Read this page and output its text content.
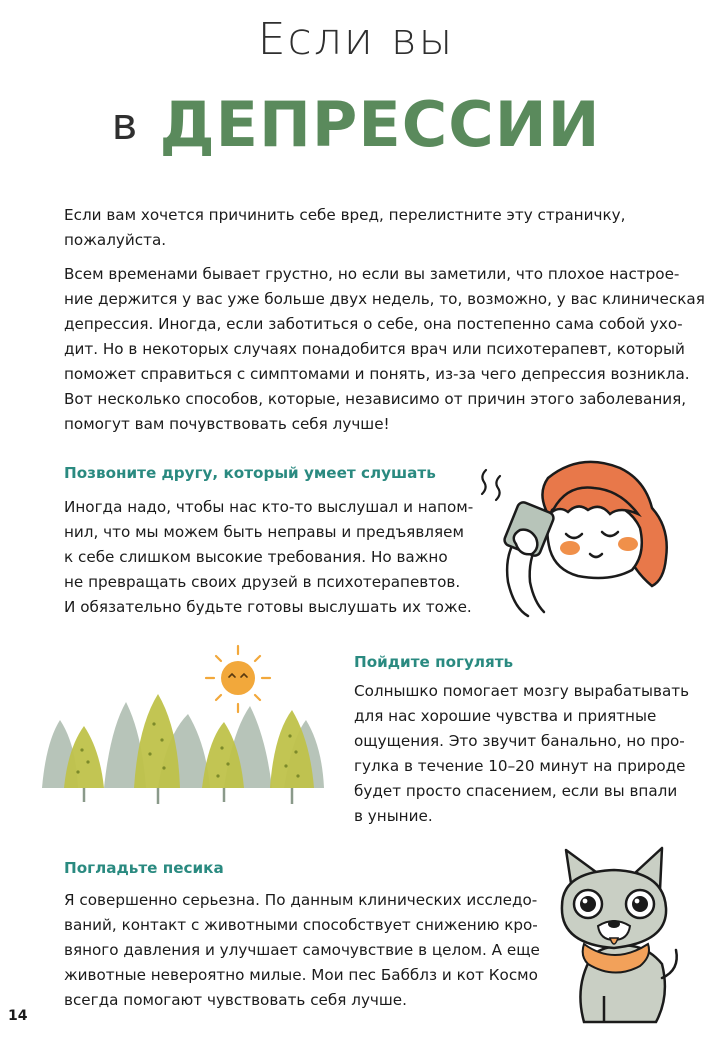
Если вы
в ДЕПРЕССИИ
Если вам хочется причинить себе вред, перелистните эту страничку,
пожалуйста.
Всем временами бывает грустно, но если вы заметили, что плохое настрое-
ние держится у вас уже больше двух недель, то, возможно, у вас клиническая
депрессия. Иногда, если заботиться о себе, она постепенно сама собой ухо-
дит. Но в некоторых случаях понадобится врач или психотерапевт, который
поможет справиться с симптомами и понять, из-за чего депрессия возникла.
Вот несколько способов, которые, независимо от причин этого заболевания,
помогут вам почувствовать себя лучше!
Позвоните другу, который умеет слушать
Иногда надо, чтобы нас кто-то выслушал и напом-
нил, что мы можем быть неправы и предъявляем
к себе слишком высокие требования. Но важно
не превращать своих друзей в психотерапевтов.
И обязательно будьте готовы выслушать их тоже.
Пойдите погулять
Солнышко помогает мозгу вырабатывать
для нас хорошие чувства и приятные
ощущения. Это звучит банально, но про-
гулка в течение 10–20 минут на природе
будет просто спасением, если вы впали
в уныние.
Погладьте песика
Я совершенно серьезна. По данным клинических исследо-
ваний, контакт с животными способствует снижению кро-
вяного давления и улучшает самочувствие в целом. А еще
животные невероятно милые. Мои пес Бабблз и кот Космо
всегда помогают чувствовать себя лучше.
14
